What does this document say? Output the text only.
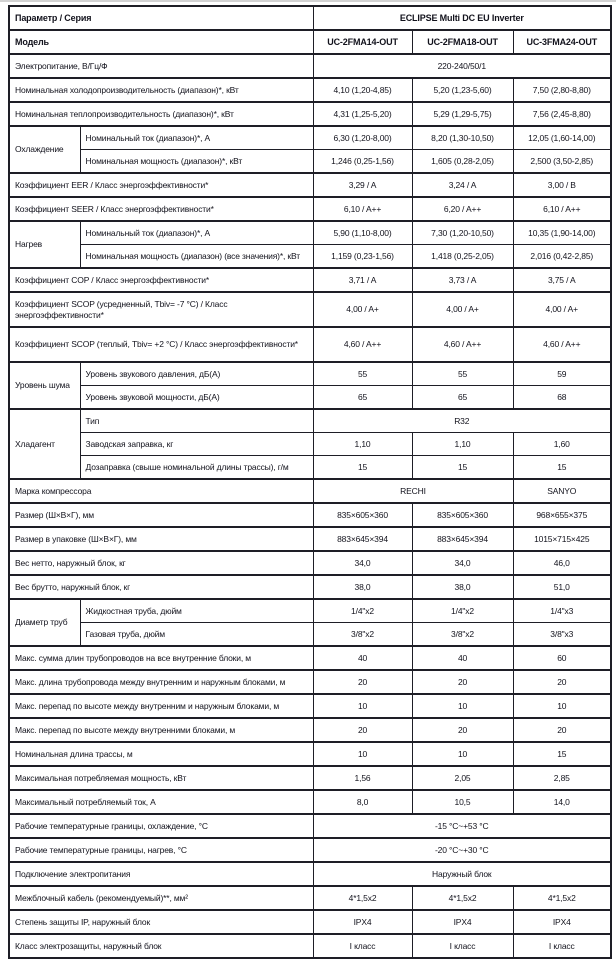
Параметр / Серия		ECLIPSE Multi DC EU Inverter		
Модель		UC-2FMA14-OUT	UC-2FMA18-OUT	UC-3FMA24-OUT
Электропитание, В/Гц/Ф		220-240/50/1		
Номинальная холодопроизводительность (диапазон)*, кВт		4,10 (1,20-4,85)	5,20 (1,23-5,60)	7,50 (2,80-8,80)
Номинальная теплопроизводительность (диапазон)*, кВт		4,31 (1,25-5,20)	5,29 (1,29-5,75)	7,56 (2,45-8,80)
Охлаждение	Номинальный ток (диапазон)*, А	6,30 (1,20-8,00)	8,20 (1,30-10,50)	12,05 (1,60-14,00)
	Номинальная мощность (диапазон)*, кВт	1,246 (0,25-1,56)	1,605 (0,28-2,05)	2,500 (3,50-2,85)
Коэффициент EER / Класс энергоэффективности*		3,29 / A	3,24 / A	3,00 / B
Коэффициент SEER / Класс энергоэффективности*		6,10 / A++	6,20 / A++	6,10 / A++
Нагрев	Номинальный ток (диапазон)*, А	5,90 (1,10-8,00)	7,30 (1,20-10,50)	10,35 (1,90-14,00)
	Номинальная мощность (диапазон) (все значения)*, кВт	1,159 (0,23-1,56)	1,418 (0,25-2,05)	2,016 (0,42-2,85)
Коэффициент COP / Класс энергоэффективности*		3,71 / A	3,73 / A	3,75 / A
Коэффициент SCOP (усредненный, Tbiv= -7 °C) / Класс энергоэффективности*		4,00 / A+	4,00 / A+	4,00 / A+
Коэффициент SCOP (теплый, Tbiv= +2 °C) / Класс энергоэффективности*		4,60 / A++	4,60 / A++	4,60 / A++
Уровень шума	Уровень звукового давления, дБ(А)	55	55	59
	Уровень звуковой мощности, дБ(А)	65	65	68
Хладагент	Тип	R32		
	Заводская заправка, кг	1,10	1,10	1,60
	Дозаправка (свыше номинальной длины трассы), г/м	15	15	15
Марка компрессора		RECHI		SANYO
Размер (Ш×В×Г), мм		835×605×360	835×605×360	968×655×375
Размер в упаковке (Ш×В×Г), мм		883×645×394	883×645×394	1015×715×425
Вес нетто, наружный блок, кг		34,0	34,0	46,0
Вес брутто, наружный блок, кг		38,0	38,0	51,0
Диаметр труб	Жидкостная труба, дюйм	1/4"x2	1/4"x2	1/4"x3
	Газовая труба, дюйм	3/8"x2	3/8"x2	3/8"x3
Макс. сумма длин трубопроводов на все внутренние блоки, м		40	40	60
Макс. длина трубопровода между внутренним и наружным блоками, м		20	20	20
Макс. перепад по высоте между внутренним и наружным блоками, м		10	10	10
Макс. перепад по высоте между внутренними блоками, м		20	20	20
Номинальная длина трассы, м		10	10	15
Максимальная потребляемая мощность, кВт		1,56	2,05	2,85
Максимальный потребляемый ток, А		8,0	10,5	14,0
Рабочие температурные границы, охлаждение, °C		-15 °C~+53 °C		
Рабочие температурные границы, нагрев, °C		-20 °C~+30 °C		
Подключение электропитания		Наружный блок		
Межблочный кабель (рекомендуемый)**, мм²		4*1,5x2	4*1,5x2	4*1,5x2
Степень защиты IP, наружный блок		IPX4	IPX4	IPX4
Класс электрозащиты, наружный блок		I класс	I класс	I класс
